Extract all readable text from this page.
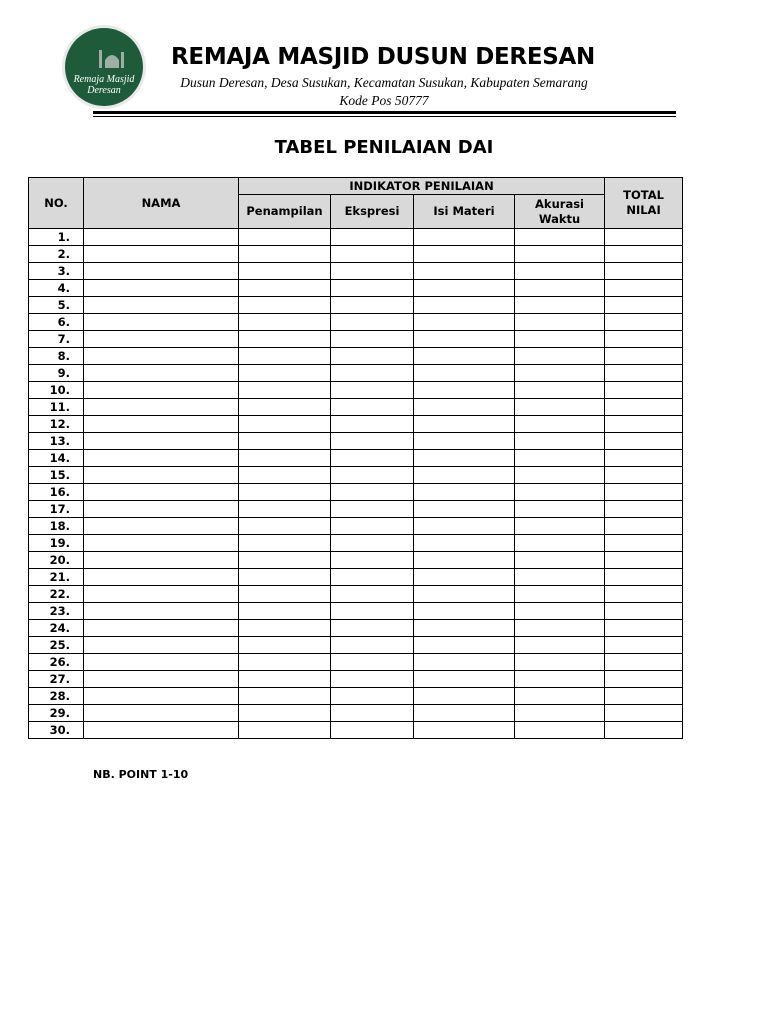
Remaja Masjid
Deresan
REMAJA MASJID DUSUN DERESAN
Dusun Deresan, Desa Susukan, Kecamatan Susukan, Kabupaten Semarang
Kode Pos 50777
TABEL PENILAIAN DAI
NO.	NAMA	INDIKATOR PENILAIAN				TOTAL NILAI
		Penampilan	Ekspresi	Isi Materi	Akurasi Waktu	
1.						
2.						
3.						
4.						
5.						
6.						
7.						
8.						
9.						
10.						
11.						
12.						
13.						
14.						
15.						
16.						
17.						
18.						
19.						
20.						
21.						
22.						
23.						
24.						
25.						
26.						
27.						
28.						
29.						
30.						
NB. POINT 1-10
